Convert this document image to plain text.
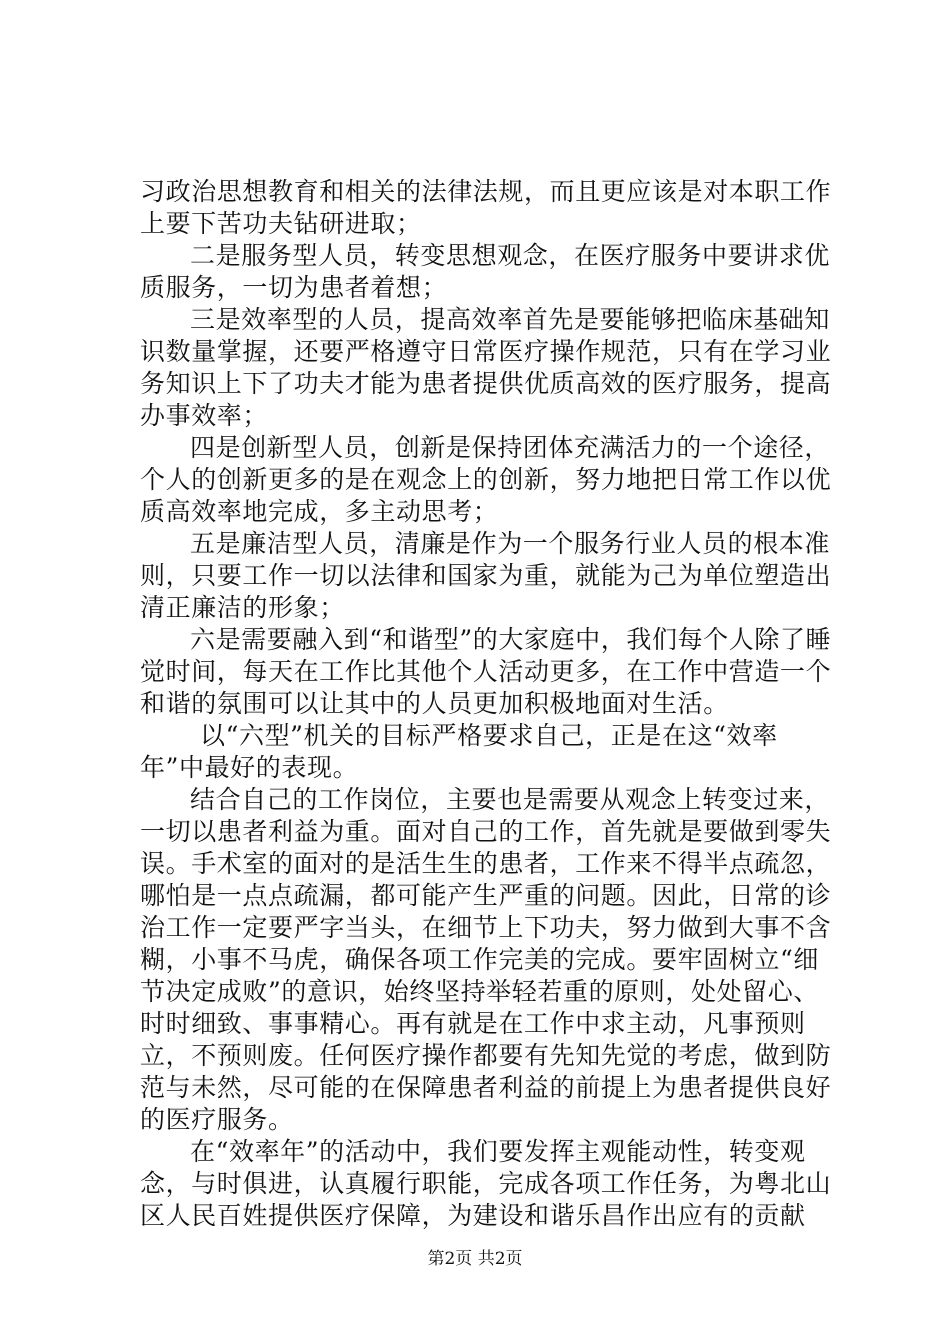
习政治思想教育和相关的法律法规，而且更应该是对本职工作上要下苦功夫钻研进取；

二是服务型人员，转变思想观念，在医疗服务中要讲求优质服务，一切为患者着想；

三是效率型的人员，提高效率首先是要能够把临床基础知识数量掌握，还要严格遵守日常医疗操作规范，只有在学习业务知识上下了功夫才能为患者提供优质高效的医疗服务，提高办事效率；

四是创新型人员，创新是保持团体充满活力的一个途径，个人的创新更多的是在观念上的创新，努力地把日常工作以优质高效率地完成，多主动思考；

五是廉洁型人员，清廉是作为一个服务行业人员的根本准则，只要工作一切以法律和国家为重，就能为己为单位塑造出清正廉洁的形象；

六是需要融入到“和谐型”的大家庭中，我们每个人除了睡觉时间，每天在工作比其他个人活动更多，在工作中营造一个和谐的氛围可以让其中的人员更加积极地面对生活。

以“六型”机关的目标严格要求自己，正是在这“效率年”中最好的表现。

结合自己的工作岗位，主要也是需要从观念上转变过来，一切以患者利益为重。面对自己的工作，首先就是要做到零失误。手术室的面对的是活生生的患者，工作来不得半点疏忽，哪怕是一点点疏漏，都可能产生严重的问题。因此，日常的诊治工作一定要严字当头，在细节上下功夫，努力做到大事不含糊，小事不马虎，确保各项工作完美的完成。要牢固树立“细节决定成败”的意识，始终坚持举轻若重的原则，处处留心、时时细致、事事精心。再有就是在工作中求主动，凡事预则立，不预则废。任何医疗操作都要有先知先觉的考虑，做到防范与未然，尽可能的在保障患者利益的前提上为患者提供良好的医疗服务。

在“效率年”的活动中，我们要发挥主观能动性，转变观念，与时俱进，认真履行职能，完成各项工作任务，为粤北山区人民百姓提供医疗保障，为建设和谐乐昌作出应有的贡献

第2页 共2页
